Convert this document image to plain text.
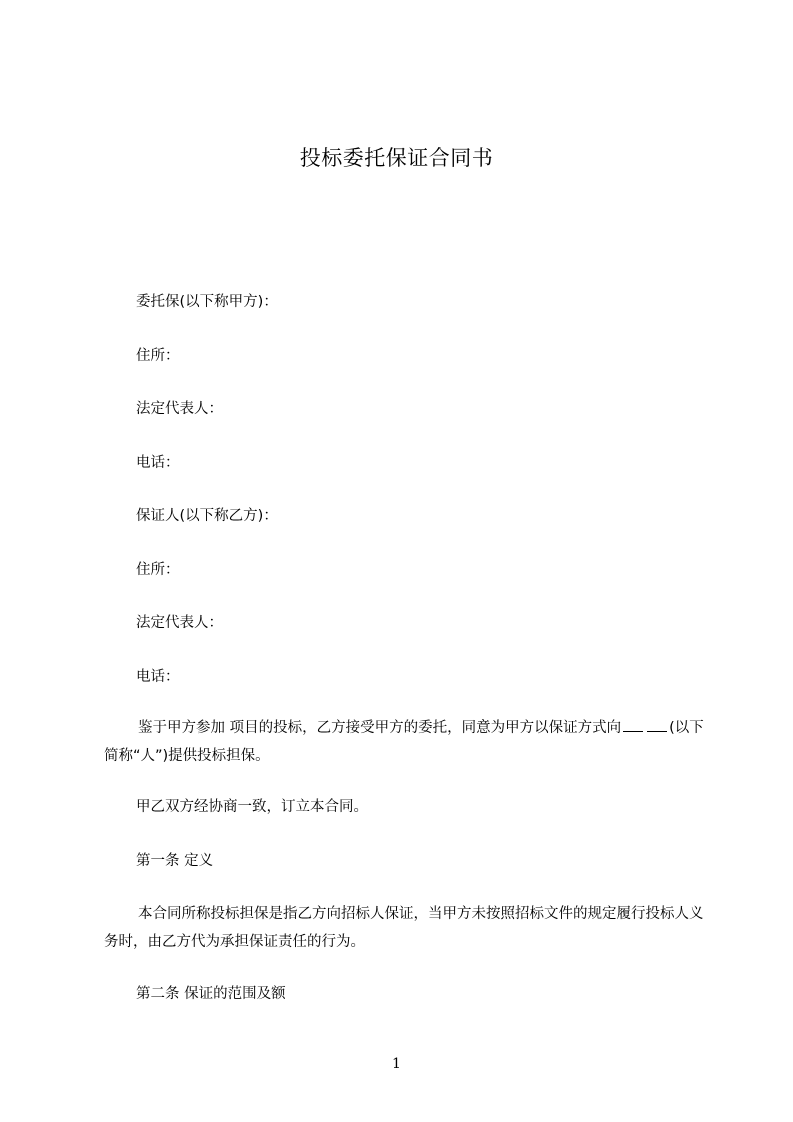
投标委托保证合同书
委托保(以下称甲方)：
住所：
法定代表人：
电话：
保证人(以下称乙方)：
住所：
法定代表人：
电话：
鉴于甲方参加 项目的投标，乙方接受甲方的委托，同意为甲方以保证方式向	(以下简称“人”)提供投标担保。
甲乙双方经协商一致，订立本合同。
第一条 定义
本合同所称投标担保是指乙方向招标人保证，当甲方未按照招标文件的规定履行投标人义务时，由乙方代为承担保证责任的行为。
第二条 保证的范围及额
1
